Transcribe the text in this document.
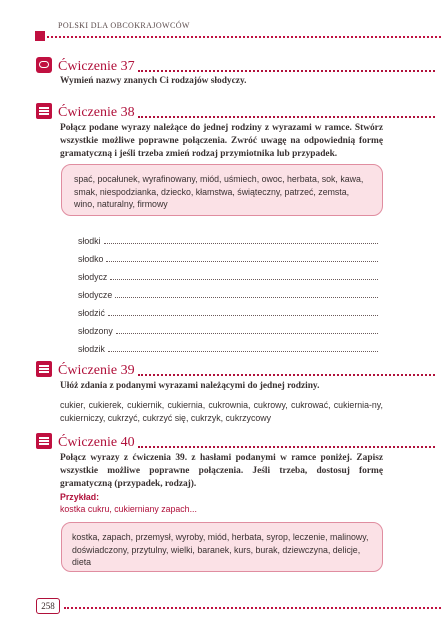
POLSKI DLA OBCOKRAJOWCÓW
Ćwiczenie 37
Wymień nazwy znanych Ci rodzajów słodyczy.
Ćwiczenie 38
Połącz podane wyrazy należące do jednej rodziny z wyrazami w ramce. Stwórz wszystkie możliwe poprawne połączenia. Zwróć uwagę na odpowiednią formę gramatyczną i jeśli trzeba zmień rodzaj przymiotnika lub przypadek.
spać, pocałunek, wyrafinowany, miód, uśmiech, owoc, herbata, sok, kawa, smak, niespodzianka, dziecko, kłamstwa, świąteczny, patrzeć, zemsta, wino, naturalny, firmowy
słodki
słodko
słodycz
słodycze
słodzić
słodzony
słodzik
Ćwiczenie 39
Ułóż zdania z podanymi wyrazami należącymi do jednej rodziny.
cukier, cukierek, cukiernik, cukiernia, cukrownia, cukrowy, cukrować, cukiernia-ny, cukierniczy, cukrzyć, cukrzyć się, cukrzyk, cukrzycowy
Ćwiczenie 40
Połącz wyrazy z ćwiczenia 39. z hasłami podanymi w ramce poniżej. Zapisz wszystkie możliwe poprawne połączenia. Jeśli trzeba, dostosuj formę gramatyczną (przypadek, rodzaj).
Przykład:
kostka cukru, cukierniany zapach...
kostka, zapach, przemysł, wyroby, miód, herbata, syrop, leczenie, malinowy, doświadczony, przytulny, wielki, baranek, kurs, burak, dziewczyna, delicje, dieta
258
